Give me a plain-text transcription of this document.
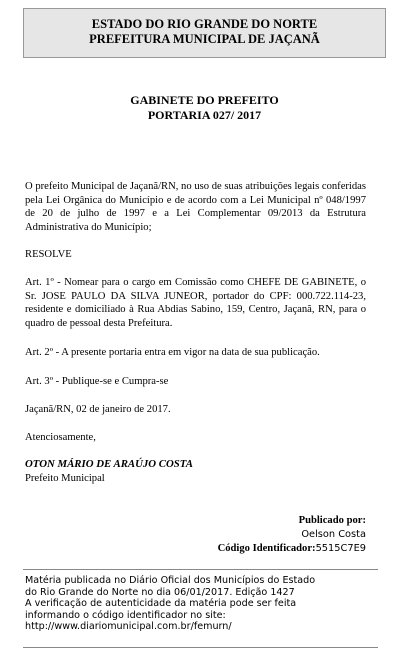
ESTADO DO RIO GRANDE DO NORTE
PREFEITURA MUNICIPAL DE JAÇANÃ
GABINETE DO PREFEITO
PORTARIA 027/ 2017
O prefeito Municipal de Jaçanã/RN, no uso de suas atribuições legais conferidas pela Lei Orgânica do Município e de acordo com a Lei Municipal nº 048/1997 de 20 de julho de 1997 e a Lei Complementar 09/2013 da Estrutura Administrativa do Município;
RESOLVE
Art. 1º - Nomear para o cargo em Comissão como CHEFE DE GABINETE, o Sr. JOSE PAULO DA SILVA JUNEOR, portador do CPF: 000.722.114-23, residente e domiciliado à Rua Abdias Sabino, 159, Centro, Jaçanã, RN, para o quadro de pessoal desta Prefeitura.
Art. 2º - A presente portaria entra em vigor na data de sua publicação.
Art. 3º - Publique-se e Cumpra-se
Jaçanã/RN, 02 de janeiro de 2017.
Atenciosamente,
OTON MÁRIO DE ARAÚJO COSTA
Prefeito Municipal
Publicado por:
Oelson Costa
Código Identificador:5515C7E9
Matéria publicada no Diário Oficial dos Municípios do Estado
do Rio Grande do Norte no dia 06/01/2017. Edição 1427
A verificação de autenticidade da matéria pode ser feita
informando o código identificador no site:
http://www.diariomunicipal.com.br/femurn/
